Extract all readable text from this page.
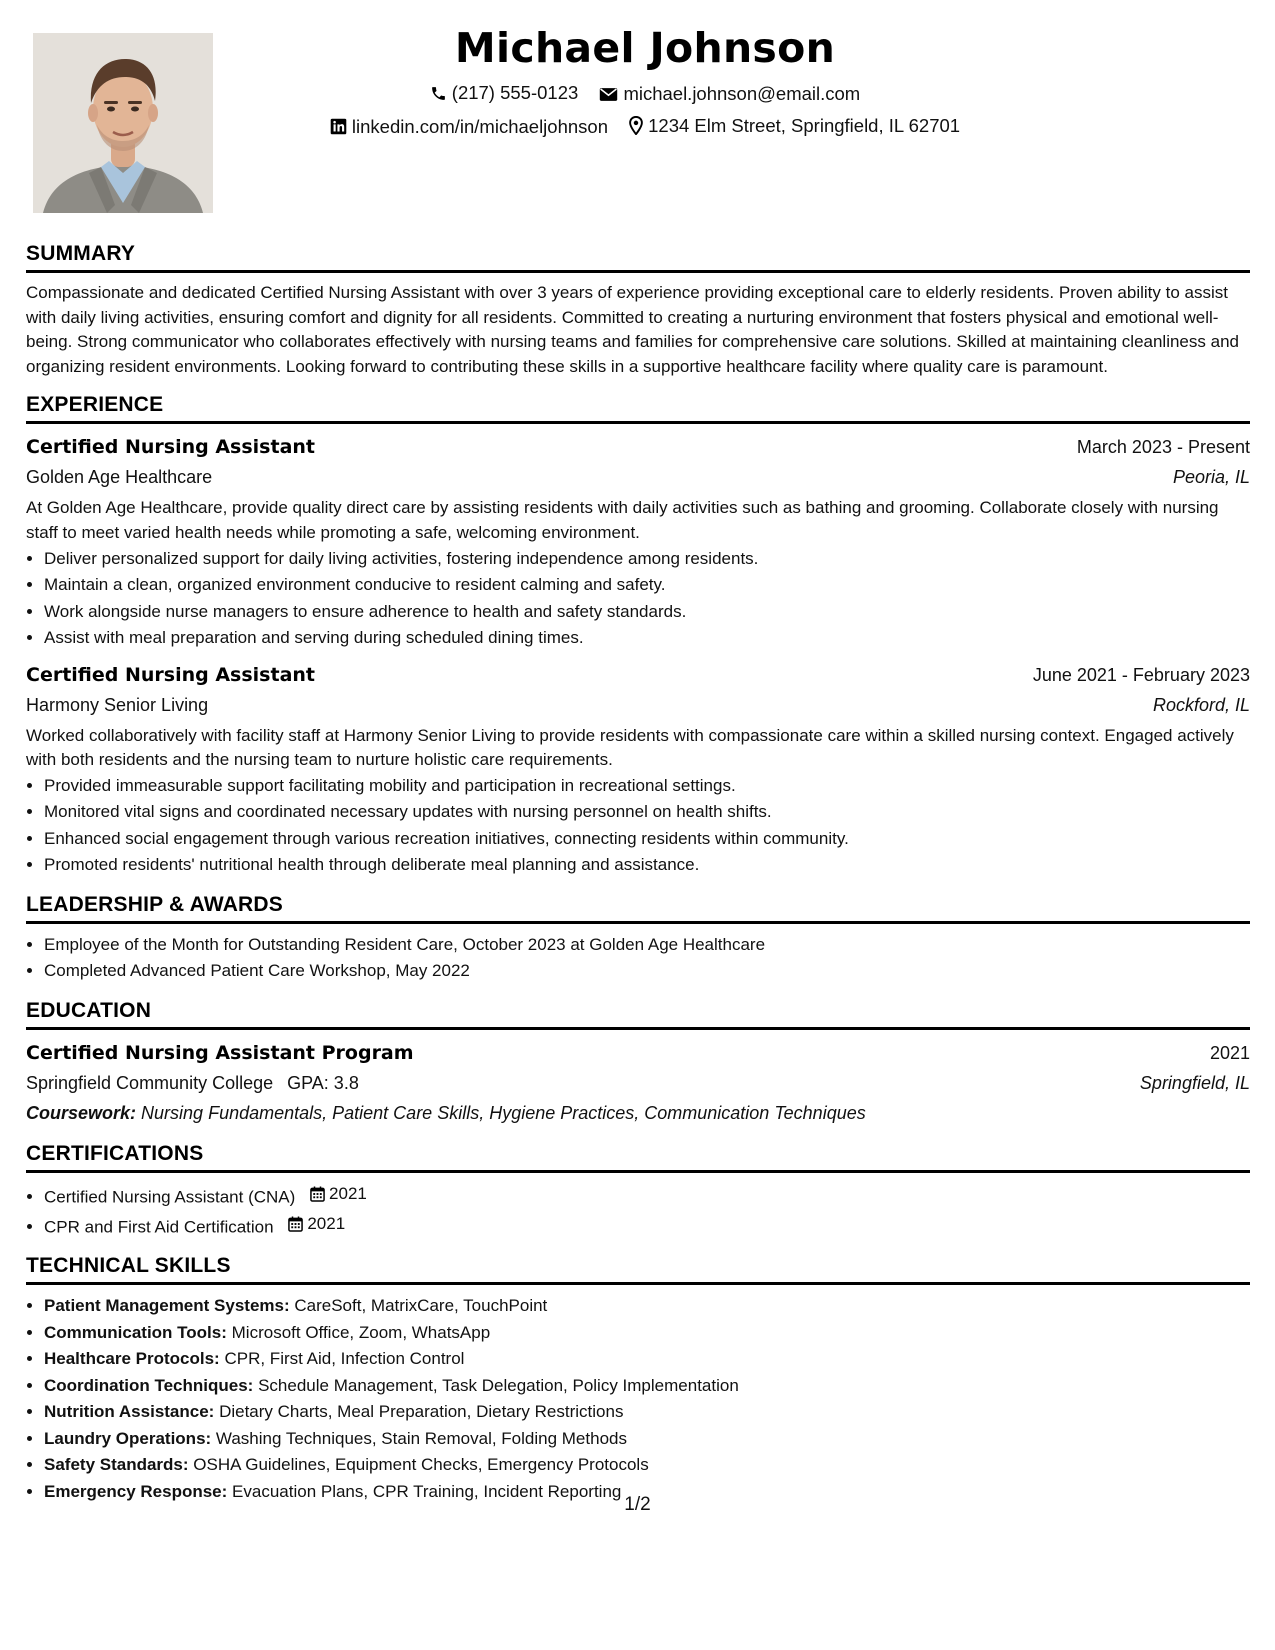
Michael Johnson
(217) 555-0123
michael.johnson@email.com
linkedin.com/in/michaeljohnson
1234 Elm Street, Springfield, IL 62701
SUMMARY

Compassionate and dedicated Certified Nursing Assistant with over 3 years of experience providing exceptional care to elderly residents. Proven ability to assist with daily living activities, ensuring comfort and dignity for all residents. Committed to creating a nurturing environment that fosters physical and emotional well-being. Strong communicator who collaborates effectively with nursing teams and families for comprehensive care solutions. Skilled at maintaining cleanliness and organizing resident environments. Looking forward to contributing these skills in a supportive healthcare facility where quality care is paramount.

EXPERIENCE
Certified Nursing Assistant	March 2023 - Present
Golden Age Healthcare	Peoria, IL

At Golden Age Healthcare, provide quality direct care by assisting residents with daily activities such as bathing and grooming. Collaborate closely with nursing staff to meet varied health needs while promoting a safe, welcoming environment.

• Deliver personalized support for daily living activities, fostering independence among residents.
• Maintain a clean, organized environment conducive to resident calming and safety.
• Work alongside nurse managers to ensure adherence to health and safety standards.
• Assist with meal preparation and serving during scheduled dining times.
Certified Nursing Assistant	June 2021 - February 2023
Harmony Senior Living	Rockford, IL

Worked collaboratively with facility staff at Harmony Senior Living to provide residents with compassionate care within a skilled nursing context. Engaged actively with both residents and the nursing team to nurture holistic care requirements.

• Provided immeasurable support facilitating mobility and participation in recreational settings.
• Monitored vital signs and coordinated necessary updates with nursing personnel on health shifts.
• Enhanced social engagement through various recreation initiatives, connecting residents within community.
• Promoted residents' nutritional health through deliberate meal planning and assistance.
LEADERSHIP & AWARDS
• Employee of the Month for Outstanding Resident Care, October 2023 at Golden Age Healthcare
• Completed Advanced Patient Care Workshop, May 2022
EDUCATION
Certified Nursing Assistant Program	2021
Springfield Community College GPA: 3.8	Springfield, IL
Coursework: Nursing Fundamentals, Patient Care Skills, Hygiene Practices, Communication Techniques
CERTIFICATIONS
• Certified Nursing Assistant (CNA) 2021
• CPR and First Aid Certification 2021
TECHNICAL SKILLS
• Patient Management Systems: CareSoft, MatrixCare, TouchPoint
• Communication Tools: Microsoft Office, Zoom, WhatsApp
• Healthcare Protocols: CPR, First Aid, Infection Control
• Coordination Techniques: Schedule Management, Task Delegation, Policy Implementation
• Nutrition Assistance: Dietary Charts, Meal Preparation, Dietary Restrictions
• Laundry Operations: Washing Techniques, Stain Removal, Folding Methods
• Safety Standards: OSHA Guidelines, Equipment Checks, Emergency Protocols
• Emergency Response: Evacuation Plans, CPR Training, Incident Reporting
1/2
